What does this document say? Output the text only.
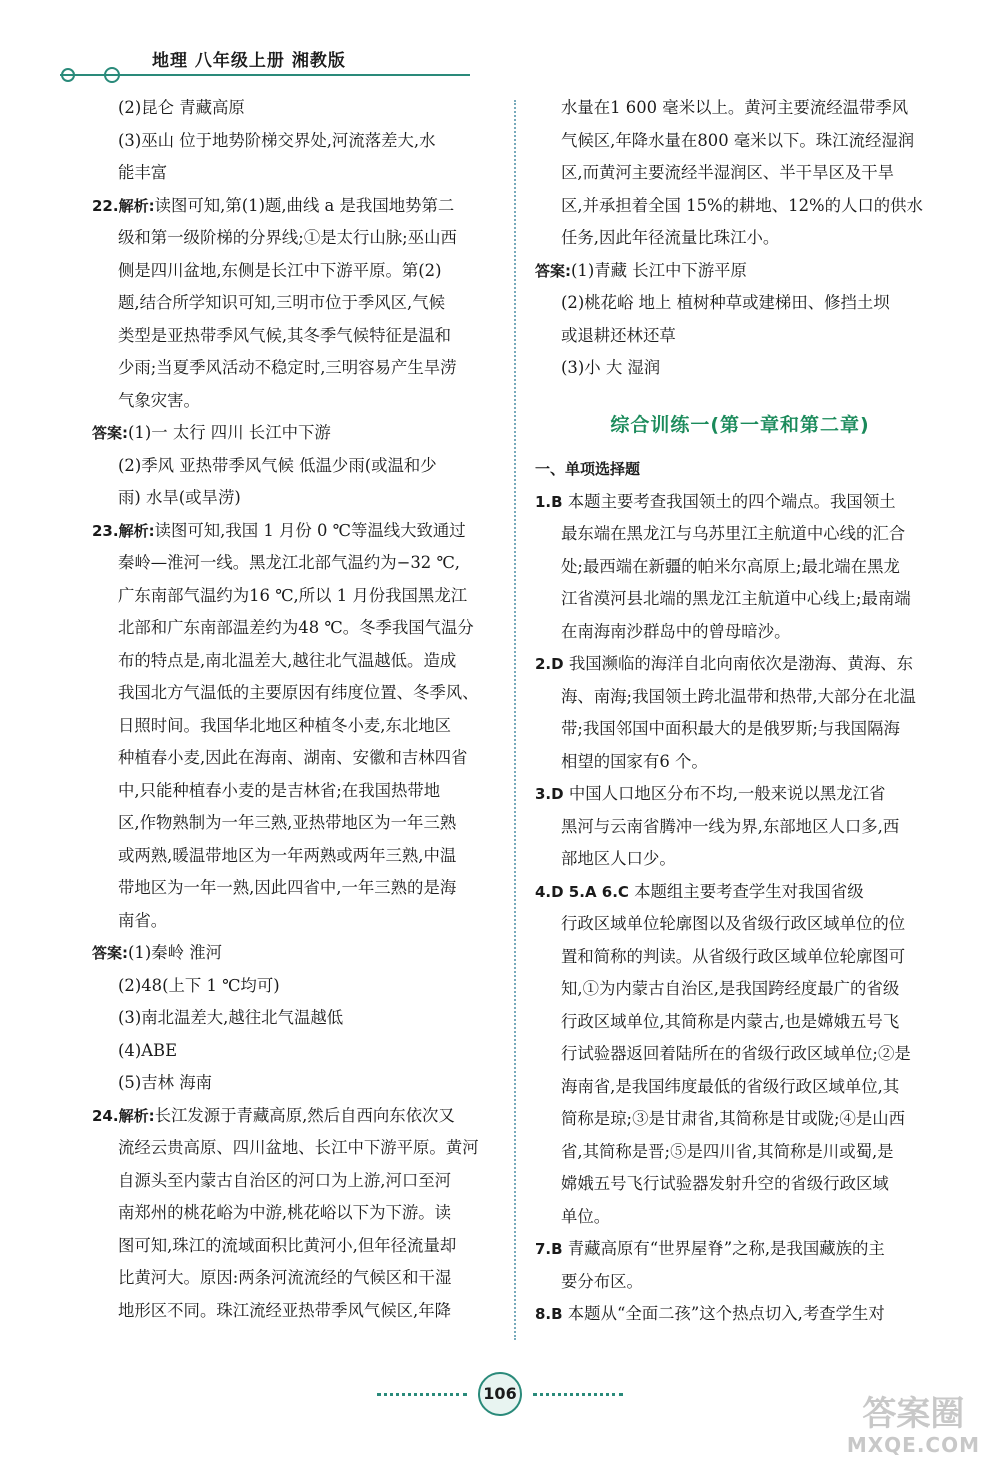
地理 八年级上册 湘教版
(2)昆仑 青藏高原
(3)巫山 位于地势阶梯交界处,河流落差大,水
能丰富
22.解析:读图可知,第(1)题,曲线 a 是我国地势第二
级和第一级阶梯的分界线;①是太行山脉;巫山西
侧是四川盆地,东侧是长江中下游平原。第(2)
题,结合所学知识可知,三明市位于季风区,气候
类型是亚热带季风气候,其冬季气候特征是温和
少雨;当夏季风活动不稳定时,三明容易产生旱涝
气象灾害。
答案:(1)一 太行 四川 长江中下游
(2)季风 亚热带季风气候 低温少雨(或温和少
雨) 水旱(或旱涝)
23.解析:读图可知,我国 1 月份 0 ℃等温线大致通过
秦岭—淮河一线。黑龙江北部气温约为−32 ℃,
广东南部气温约为16 ℃,所以 1 月份我国黑龙江
北部和广东南部温差约为48 ℃。冬季我国气温分
布的特点是,南北温差大,越往北气温越低。造成
我国北方气温低的主要原因有纬度位置、冬季风、
日照时间。我国华北地区种植冬小麦,东北地区
种植春小麦,因此在海南、湖南、安徽和吉林四省
中,只能种植春小麦的是吉林省;在我国热带地
区,作物熟制为一年三熟,亚热带地区为一年三熟
或两熟,暖温带地区为一年两熟或两年三熟,中温
带地区为一年一熟,因此四省中,一年三熟的是海
南省。
答案:(1)秦岭 淮河
(2)48(上下 1 ℃均可)
(3)南北温差大,越往北气温越低
(4)ABE
(5)吉林 海南
24.解析:长江发源于青藏高原,然后自西向东依次又
流经云贵高原、四川盆地、长江中下游平原。黄河
自源头至内蒙古自治区的河口为上游,河口至河
南郑州的桃花峪为中游,桃花峪以下为下游。读
图可知,珠江的流域面积比黄河小,但年径流量却
比黄河大。原因:两条河流流经的气候区和干湿
地形区不同。珠江流经亚热带季风气候区,年降
水量在1 600 毫米以上。黄河主要流经温带季风
气候区,年降水量在800 毫米以下。珠江流经湿润
区,而黄河主要流经半湿润区、半干旱区及干旱
区,并承担着全国 15%的耕地、12%的人口的供水
任务,因此年径流量比珠江小。
答案:(1)青藏 长江中下游平原
(2)桃花峪 地上 植树种草或建梯田、修挡土坝
或退耕还林还草
(3)小 大 湿润
综合训练一(第一章和第二章)
一、单项选择题
1.B 本题主要考查我国领土的四个端点。我国领土
最东端在黑龙江与乌苏里江主航道中心线的汇合
处;最西端在新疆的帕米尔高原上;最北端在黑龙
江省漠河县北端的黑龙江主航道中心线上;最南端
在南海南沙群岛中的曾母暗沙。
2.D 我国濒临的海洋自北向南依次是渤海、黄海、东
海、南海;我国领土跨北温带和热带,大部分在北温
带;我国邻国中面积最大的是俄罗斯;与我国隔海
相望的国家有6 个。
3.D 中国人口地区分布不均,一般来说以黑龙江省
黑河与云南省腾冲一线为界,东部地区人口多,西
部地区人口少。
4.D 5.A 6.C 本题组主要考查学生对我国省级
行政区域单位轮廓图以及省级行政区域单位的位
置和简称的判读。从省级行政区域单位轮廓图可
知,①为内蒙古自治区,是我国跨经度最广的省级
行政区域单位,其简称是内蒙古,也是嫦娥五号飞
行试验器返回着陆所在的省级行政区域单位;②是
海南省,是我国纬度最低的省级行政区域单位,其
简称是琼;③是甘肃省,其简称是甘或陇;④是山西
省,其简称是晋;⑤是四川省,其简称是川或蜀,是
嫦娥五号飞行试验器发射升空的省级行政区域
单位。
7.B 青藏高原有“世界屋脊”之称,是我国藏族的主
要分布区。
8.B 本题从“全面二孩”这个热点切入,考查学生对
106
答案圈
MXQE.COM
